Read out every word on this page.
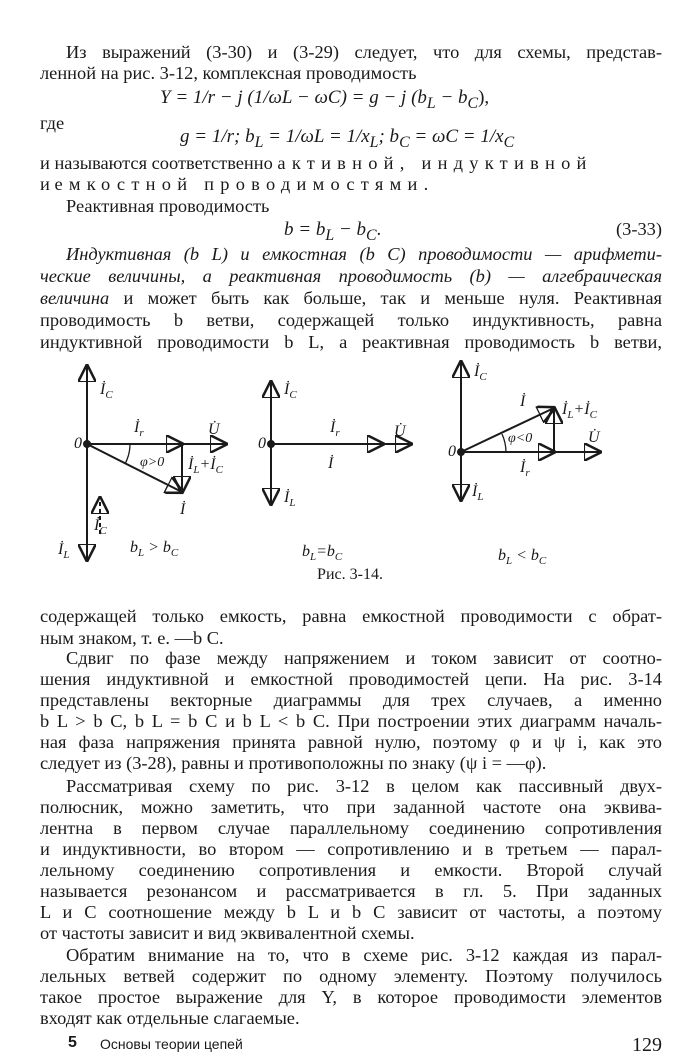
Из выражений (3-30) и (3-29) следует, что для схемы, представ-

ленной на рис. 3-12, комплексная проводимость

Y = 1/r − j (1/ωL − ωC) = g − j $(b_L - b_C)$,

где

g = 1/r; $b_L = 1/\omega L = 1/x_L$; $b_C = \omega C = 1/x_C$

и называются соответственно активной, индуктивной

и емкостной проводимостями.

Реактивная проводимость

$b = b_L - b_C$.	(3-33)

Индуктивная (b L) и емкостная (b C) проводимости — арифмети-

ческие величины, а реактивная проводимость (b) — алгебраическая

величина и может быть как больше, так и меньше нуля. Реактивная

проводимость b ветви, содержащей только индуктивность, равна

индуктивной проводимости b L, а реактивная проводимость b ветви,

0
$İ_C$
$İ_r$	U̇
φ>0 $İ_L+İ_C$
İ
$İ_C$
$İ_L$	$b_L > b_C$
0
$İ_C$
$İ_r$	U̇
İ
$İ_L$
$b_L=b_C$
0
$İ_C$
İ $İ_L+İ_C$
φ<0	U̇
$İ_r$
$İ_L$
$b_L < b_C$

Рис. 3-14.

содержащей только емкость, равна емкостной проводимости с обрат-

ным знаком, т. е. —b C.

Сдвиг по фазе между напряжением и током зависит от соотно-

шения индуктивной и емкостной проводимостей цепи. На рис. 3-14

представлены векторные диаграммы для трех случаев, а именно

b L > b C, b L = b C и b L < b C. При построении этих диаграмм началь-

ная фаза напряжения принята равной нулю, поэтому φ и ψ i, как это

следует из (3-28), равны и противоположны по знаку (ψ i = —φ).

Рассматривая схему по рис. 3-12 в целом как пассивный двух-

полюсник, можно заметить, что при заданной частоте она эквива-

лентна в первом случае параллельному соединению сопротивления

и индуктивности, во втором — сопротивлению и в третьем — парал-

лельному соединению сопротивления и емкости. Второй случай

называется резонансом и рассматривается в гл. 5. При заданных

L и C соотношение между b L и b C зависит от частоты, а поэтому

от частоты зависит и вид эквивалентной схемы.

Обратим внимание на то, что в схеме рис. 3-12 каждая из парал-

лельных ветвей содержит по одному элементу. Поэтому получилось

5 Основы теории цепей	129

такое простое выражение для Y, в которое проводимости элементов

входят как отдельные слагаемые.
